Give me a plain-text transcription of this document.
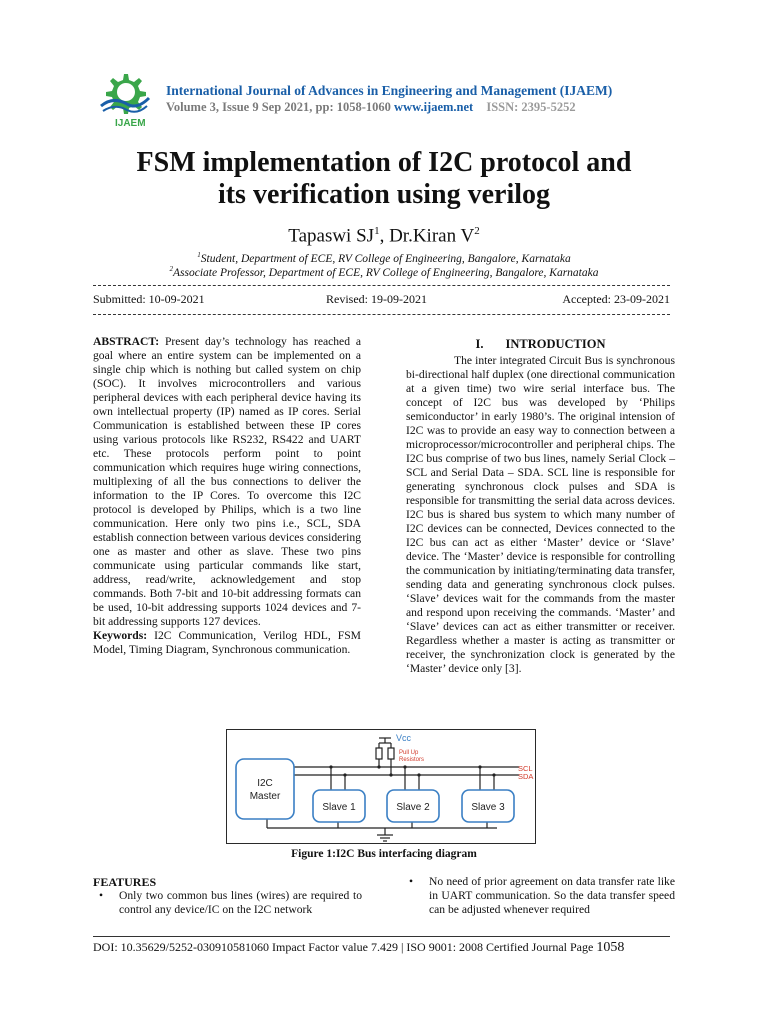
IJAEM
International Journal of Advances in Engineering and Management (IJAEM)
Volume 3, Issue 9 Sep 2021, pp: 1058-1060 www.ijaem.net ISSN: 2395-5252
FSM implementation of I2C protocol and
its verification using verilog
Tapaswi $SJ^1$, Dr.Kiran $V^2$
$^1$Student, Department of ECE, RV College of Engineering, Bangalore, Karnataka
$^2$Associate Professor, Department of ECE, RV College of Engineering, Bangalore, Karnataka
Submitted: 10-09-2021	Revised: 19-09-2021	Accepted: 23-09-2021

ABSTRACT: Present day’s technology has reached a goal where an entire system can be implemented on a single chip which is nothing but called system on chip (SOC). It involves microcontrollers and various peripheral devices with each peripheral device having its own intellectual property (IP) named as IP cores. Serial Communication is established between these IP cores using various protocols like RS232, RS422 and UART etc. These protocols perform point to point communication which requires huge wiring connections, multiplexing of all the bus connections to deliver the information to the IP Cores. To overcome this I2C protocol is developed by Philips, which is a two line communication. Here only two pins i.e., SCL, SDA establish connection between various devices considering one as master and other as slave. These two pins communicate using particular commands like start, address, read/write, acknowledgement and stop commands. Both 7-bit and 10-bit addressing formats can be used, 10-bit addressing supports 1024 devices and 7-bit addressing supports 127 devices.

Keywords: I2C Communication, Verilog HDL, FSM Model, Timing Diagram, Synchronous communication.

I. INTRODUCTION

The inter integrated Circuit Bus is synchronous bi-directional half duplex (one directional communication at a given time) two wire serial interface bus. The concept of I2C bus was developed by ‘Philips semiconductor’ in early 1980’s. The original intension of I2C was to provide an easy way to connection between a microprocessor/microcontroller and peripheral chips. The I2C bus comprise of two bus lines, namely Serial Clock – SCL and Serial Data – SDA. SCL line is responsible for generating synchronous clock pulses and SDA is responsible for transmitting the serial data across devices. I2C bus is shared bus system to which many number of I2C devices can be connected, Devices connected to the I2C bus can act as either ‘Master’ device or ‘Slave’ device. The ‘Master’ device is responsible for controlling the communication by initiating/terminating data transfer, sending data and generating synchronous clock pulses. ‘Slave’ devices wait for the commands from the master and respond upon receiving the commands. ‘Master’ and ‘Slave’ devices can act as either transmitter or receiver. Regardless whether a master is acting as transmitter or receiver, the synchronization clock is generated by the ‘Master’ device only [3].

Vcc
Pull Up
Resistors
SCL
SDA
I2C
Master
Slave 1	Slave 2	Slave 3
Figure 1:I2C Bus interfacing diagram
FEATURES
• Only two common bus lines (wires) are required to control any device/IC on the I2C network
• No need of prior agreement on data transfer rate like in UART communication. So the data transfer speed can be adjusted whenever required
DOI: 10.35629/5252-030910581060 Impact Factor value 7.429 | ISO 9001: 2008 Certified Journal Page 1058
